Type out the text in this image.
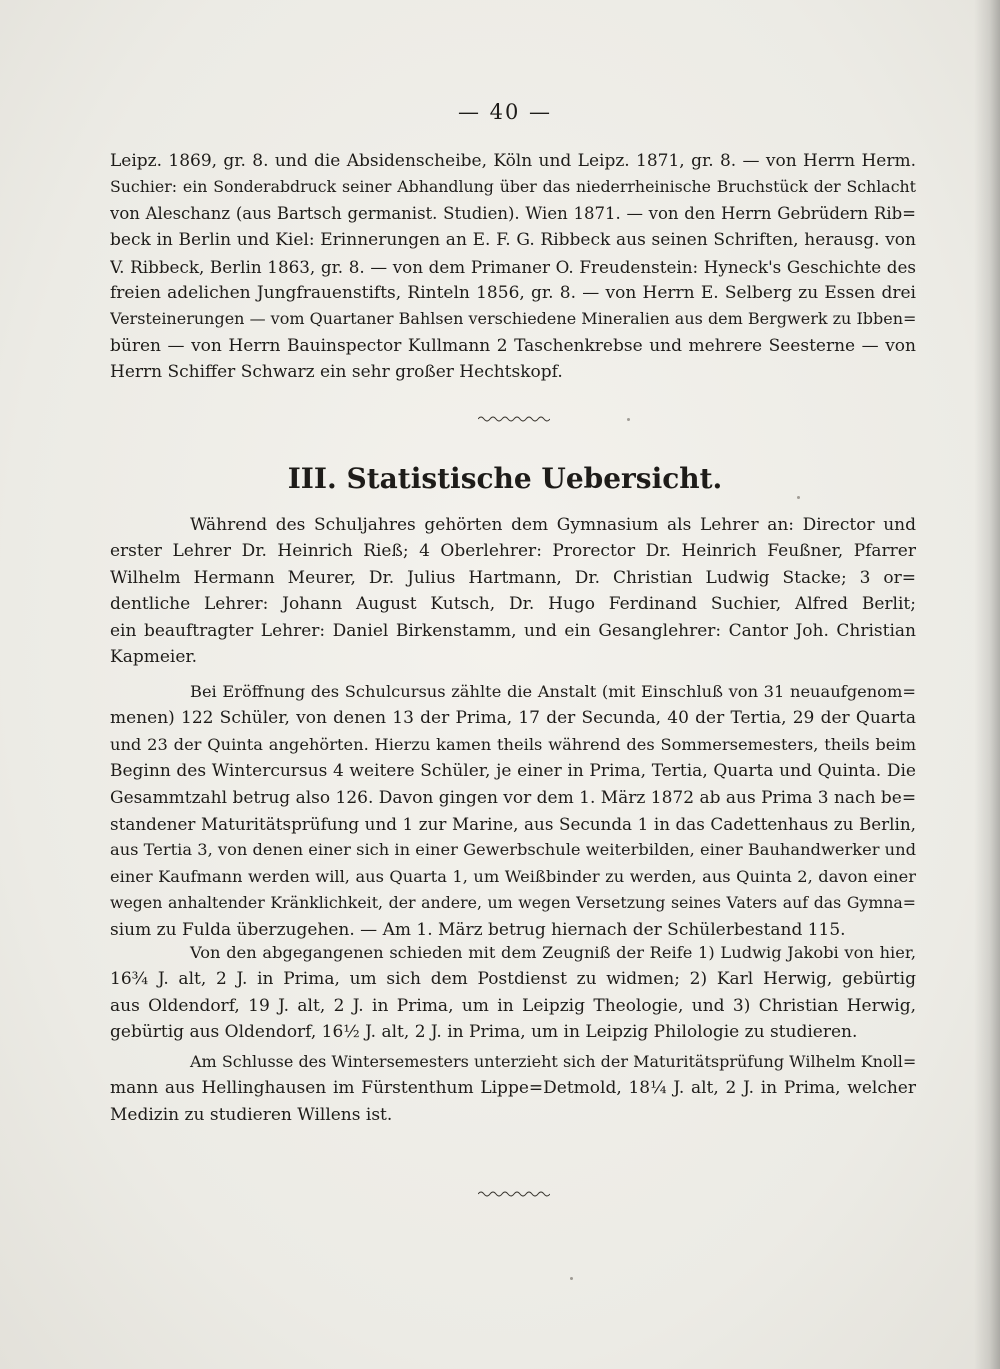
— 40 —
Leipz. 1869, gr. 8. und die Absidenscheibe, Köln und Leipz. 1871, gr. 8. — von Herrn Herm.
Suchier: ein Sonderabdruck seiner Abhandlung über das niederrheinische Bruchstück der Schlacht
von Aleschanz (aus Bartsch germanist. Studien). Wien 1871. — von den Herrn Gebrüdern Rib=
beck in Berlin und Kiel: Erinnerungen an E. F. G. Ribbeck aus seinen Schriften, herausg. von
V. Ribbeck, Berlin 1863, gr. 8. — von dem Primaner O. Freudenstein: Hyneck's Geschichte des
freien adelichen Jungfrauenstifts, Rinteln 1856, gr. 8. — von Herrn E. Selberg zu Essen drei
Versteinerungen — vom Quartaner Bahlsen verschiedene Mineralien aus dem Bergwerk zu Ibben=
büren — von Herrn Bauinspector Kullmann 2 Taschenkrebse und mehrere Seesterne — von
Herrn Schiffer Schwarz ein sehr großer Hechtskopf.
III. Statistische Uebersicht.
Während des Schuljahres gehörten dem Gymnasium als Lehrer an: Director und
erster Lehrer Dr. Heinrich Rieß; 4 Oberlehrer: Prorector Dr. Heinrich Feußner, Pfarrer
Wilhelm Hermann Meurer, Dr. Julius Hartmann, Dr. Christian Ludwig Stacke; 3 or=
dentliche Lehrer: Johann August Kutsch, Dr. Hugo Ferdinand Suchier, Alfred Berlit;
ein beauftragter Lehrer: Daniel Birkenstamm, und ein Gesanglehrer: Cantor Joh. Christian
Kapmeier.
Bei Eröffnung des Schulcursus zählte die Anstalt (mit Einschluß von 31 neuaufgenom=
menen) 122 Schüler, von denen 13 der Prima, 17 der Secunda, 40 der Tertia, 29 der Quarta
und 23 der Quinta angehörten. Hierzu kamen theils während des Sommersemesters, theils beim
Beginn des Wintercursus 4 weitere Schüler, je einer in Prima, Tertia, Quarta und Quinta. Die
Gesammtzahl betrug also 126. Davon gingen vor dem 1. März 1872 ab aus Prima 3 nach be=
standener Maturitätsprüfung und 1 zur Marine, aus Secunda 1 in das Cadettenhaus zu Berlin,
aus Tertia 3, von denen einer sich in einer Gewerbschule weiterbilden, einer Bauhandwerker und
einer Kaufmann werden will, aus Quarta 1, um Weißbinder zu werden, aus Quinta 2, davon einer
wegen anhaltender Kränklichkeit, der andere, um wegen Versetzung seines Vaters auf das Gymna=
sium zu Fulda überzugehen. — Am 1. März betrug hiernach der Schülerbestand 115.
Von den abgegangenen schieden mit dem Zeugniß der Reife 1) Ludwig Jakobi von hier,
16¾ J. alt, 2 J. in Prima, um sich dem Postdienst zu widmen; 2) Karl Herwig, gebürtig
aus Oldendorf, 19 J. alt, 2 J. in Prima, um in Leipzig Theologie, und 3) Christian Herwig,
gebürtig aus Oldendorf, 16½ J. alt, 2 J. in Prima, um in Leipzig Philologie zu studieren.
Am Schlusse des Wintersemesters unterzieht sich der Maturitätsprüfung Wilhelm Knoll=
mann aus Hellinghausen im Fürstenthum Lippe=Detmold, 18¼ J. alt, 2 J. in Prima, welcher
Medizin zu studieren Willens ist.
